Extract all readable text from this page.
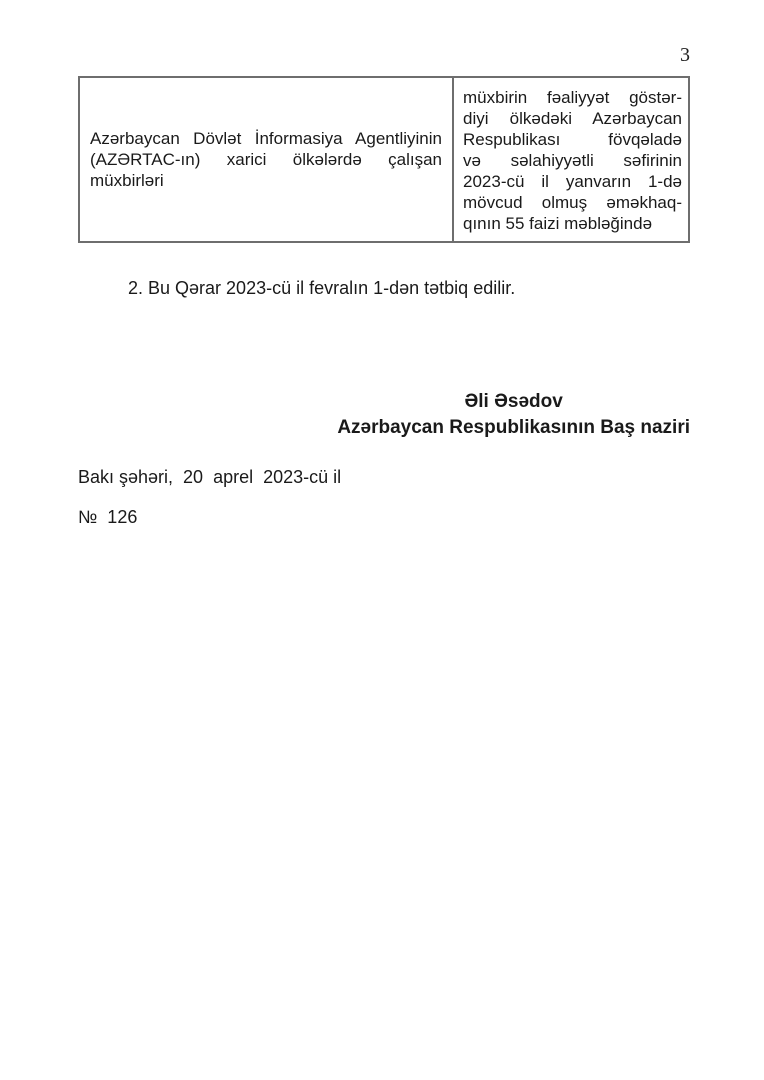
3
Azərbaycan Dövlət İnformasiya Agentliyinin
(AZƏRTAC-ın) xarici ölkələrdə çalışan
müxbirləri
müxbirin fəaliyyət göstər-
diyi ölkədəki Azərbaycan
Respublikası fövqəladə
və səlahiyyətli səfirinin
2023-cü il yanvarın 1-də
mövcud olmuş əməkhaq-
qının 55 faizi məbləğində
2. Bu Qərar 2023-cü il fevralın 1-dən tətbiq edilir.
Əli Əsədov
Azərbaycan Respublikasının Baş naziri
Bakı şəhəri,  20  aprel  2023-cü il
№  126
